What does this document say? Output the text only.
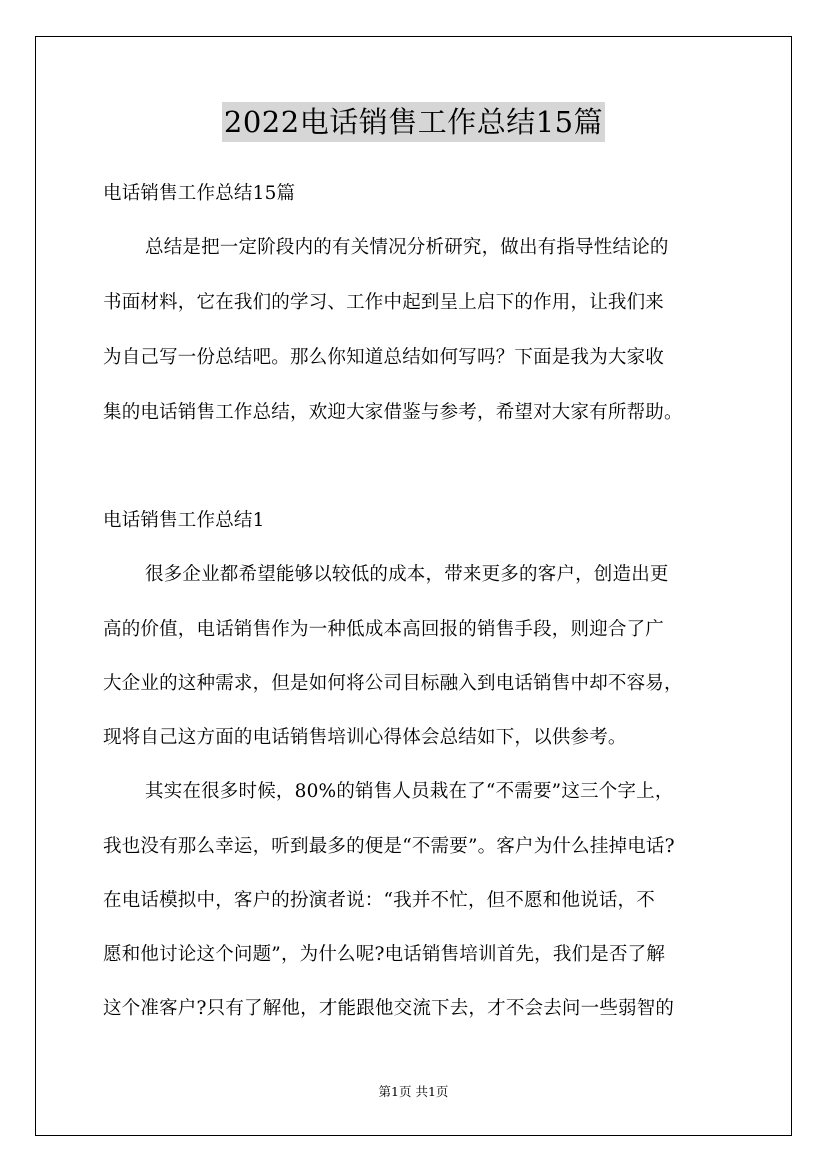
2022电话销售工作总结15篇
电话销售工作总结15篇
总结是把一定阶段内的有关情况分析研究，做出有指导性结论的
书面材料，它在我们的学习、工作中起到呈上启下的作用，让我们来
为自己写一份总结吧。那么你知道总结如何写吗？下面是我为大家收
集的电话销售工作总结，欢迎大家借鉴与参考，希望对大家有所帮助。
电话销售工作总结1
很多企业都希望能够以较低的成本，带来更多的客户，创造出更
高的价值，电话销售作为一种低成本高回报的销售手段，则迎合了广
大企业的这种需求，但是如何将公司目标融入到电话销售中却不容易，
现将自己这方面的电话销售培训心得体会总结如下，以供参考。
其实在很多时候，80%的销售人员栽在了“不需要”这三个字上，
我也没有那么幸运，听到最多的便是“不需要”。客户为什么挂掉电话?
在电话模拟中，客户的扮演者说：“我并不忙，但不愿和他说话，不
愿和他讨论这个问题”，为什么呢?电话销售培训首先，我们是否了解
这个准客户?只有了解他，才能跟他交流下去，才不会去问一些弱智的
第1页 共1页
